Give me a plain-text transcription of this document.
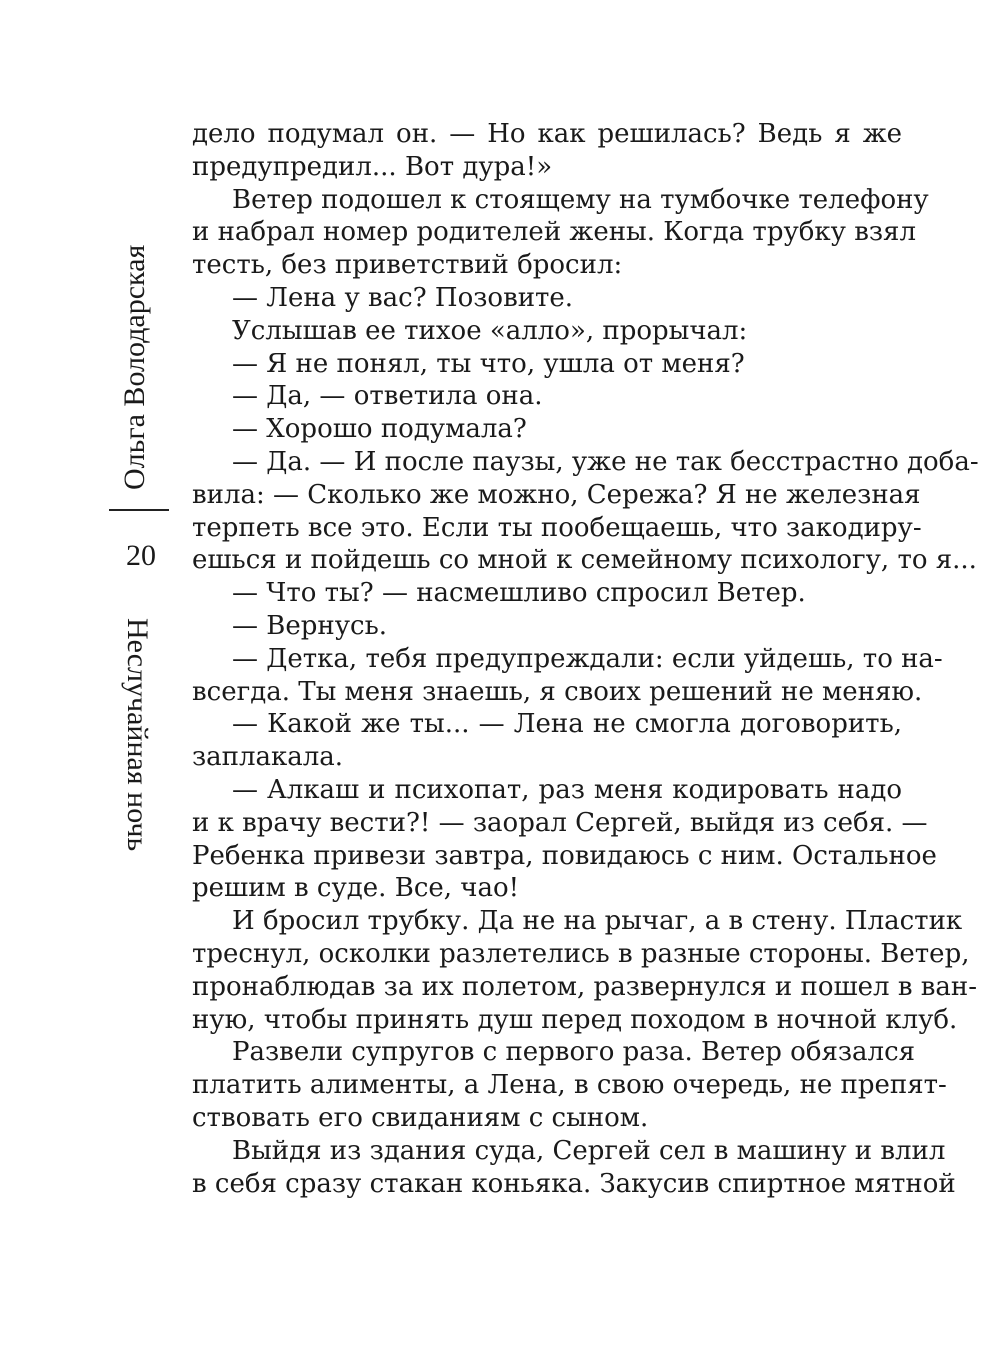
Ольга Володарская
20
Неслучайная ночь
дело подумал он. — Но как решилась? Ведь я же
предупредил... Вот дура!»
Ветер подошел к стоящему на тумбочке телефону
и набрал номер родителей жены. Когда трубку взял
тесть, без приветствий бросил:
— Лена у вас? Позовите.
Услышав ее тихое «алло», прорычал:
— Я не понял, ты что, ушла от меня?
— Да, — ответила она.
— Хорошо подумала?
— Да. — И после паузы, уже не так бесстрастно доба-
вила: — Сколько же можно, Сережа? Я не железная
терпеть все это. Если ты пообещаешь, что закодиру-
ешься и пойдешь со мной к семейному психологу, то я...
— Что ты? — насмешливо спросил Ветер.
— Вернусь.
— Детка, тебя предупреждали: если уйдешь, то на-
всегда. Ты меня знаешь, я своих решений не меняю.
— Какой же ты... — Лена не смогла договорить,
заплакала.
— Алкаш и психопат, раз меня кодировать надо
и к врачу вести?! — заорал Сергей, выйдя из себя. —
Ребенка привези завтра, повидаюсь с ним. Остальное
решим в суде. Все, чао!
И бросил трубку. Да не на рычаг, а в стену. Пластик
треснул, осколки разлетелись в разные стороны. Ветер,
пронаблюдав за их полетом, развернулся и пошел в ван-
ную, чтобы принять душ перед походом в ночной клуб.
Развели супругов с первого раза. Ветер обязался
платить алименты, а Лена, в свою очередь, не препят-
ствовать его свиданиям с сыном.
Выйдя из здания суда, Сергей сел в машину и влил
в себя сразу стакан коньяка. Закусив спиртное мятной
